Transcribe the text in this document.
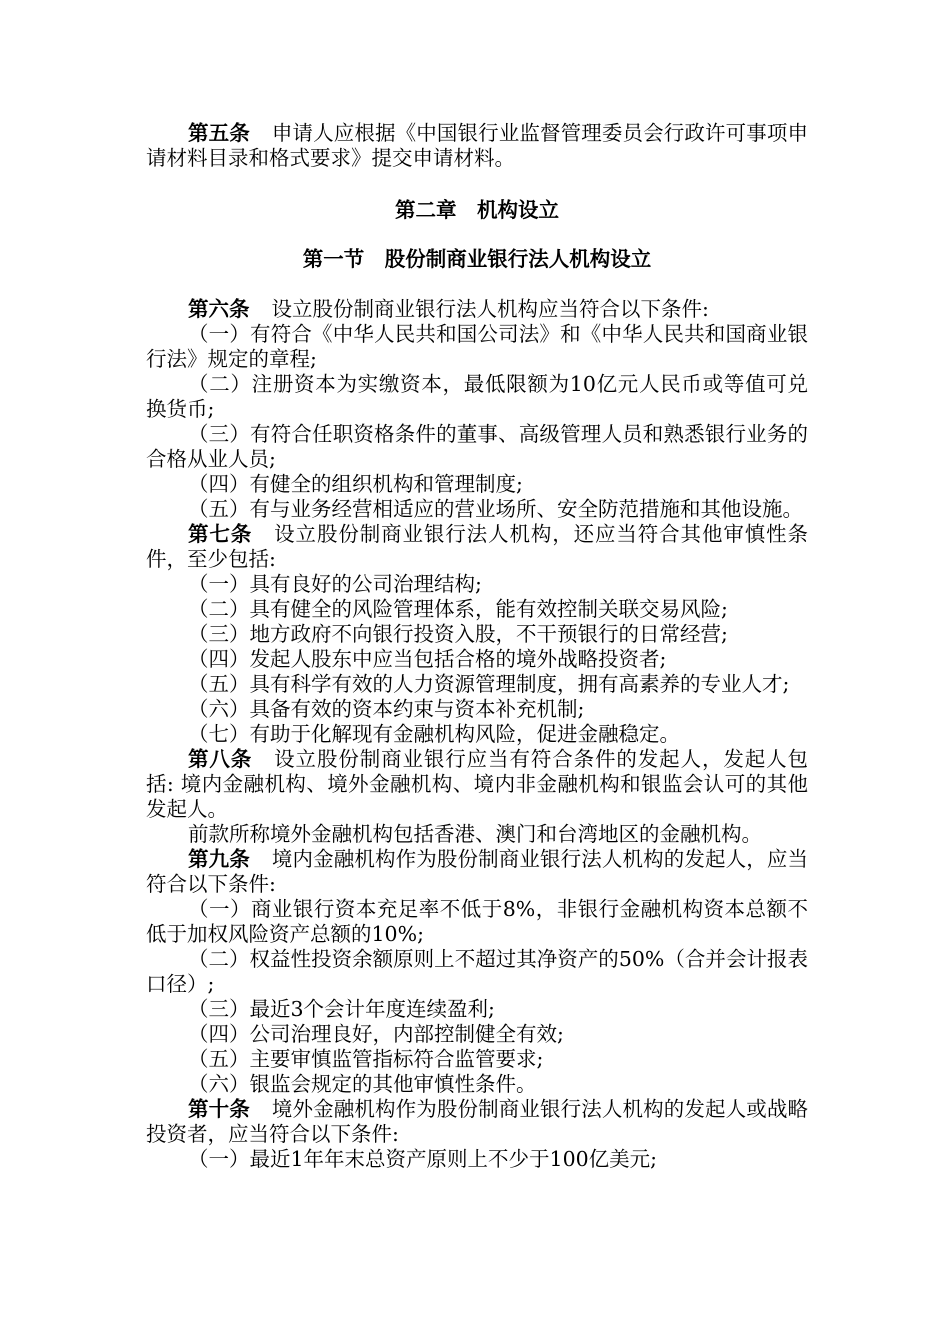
第五条 申请人应根据《中国银行业监督管理委员会行政许可事项申请材料目录和格式要求》提交申请材料。

第二章　机构设立

第一节　股份制商业银行法人机构设立

第六条 设立股份制商业银行法人机构应当符合以下条件:

（一）有符合《中华人民共和国公司法》和《中华人民共和国商业银行法》规定的章程;

（二）注册资本为实缴资本，最低限额为10亿元人民币或等值可兑换货币;

（三）有符合任职资格条件的董事、高级管理人员和熟悉银行业务的合格从业人员;

（四）有健全的组织机构和管理制度;

（五）有与业务经营相适应的营业场所、安全防范措施和其他设施。

第七条 设立股份制商业银行法人机构，还应当符合其他审慎性条件，至少包括:

（一）具有良好的公司治理结构;

（二）具有健全的风险管理体系，能有效控制关联交易风险;

（三）地方政府不向银行投资入股，不干预银行的日常经营;

（四）发起人股东中应当包括合格的境外战略投资者;

（五）具有科学有效的人力资源管理制度，拥有高素养的专业人才;

（六）具备有效的资本约束与资本补充机制;

（七）有助于化解现有金融机构风险，促进金融稳定。

第八条 设立股份制商业银行应当有符合条件的发起人，发起人包括: 境内金融机构、境外金融机构、境内非金融机构和银监会认可的其他发起人。

前款所称境外金融机构包括香港、澳门和台湾地区的金融机构。

第九条 境内金融机构作为股份制商业银行法人机构的发起人，应当符合以下条件:

（一）商业银行资本充足率不低于8%，非银行金融机构资本总额不低于加权风险资产总额的10%;

（二）权益性投资余额原则上不超过其净资产的50%（合并会计报表口径）;

（三）最近3个会计年度连续盈利;

（四）公司治理良好，内部控制健全有效;

（五）主要审慎监管指标符合监管要求;

（六）银监会规定的其他审慎性条件。

第十条 境外金融机构作为股份制商业银行法人机构的发起人或战略投资者，应当符合以下条件:

（一）最近1年年末总资产原则上不少于100亿美元;
